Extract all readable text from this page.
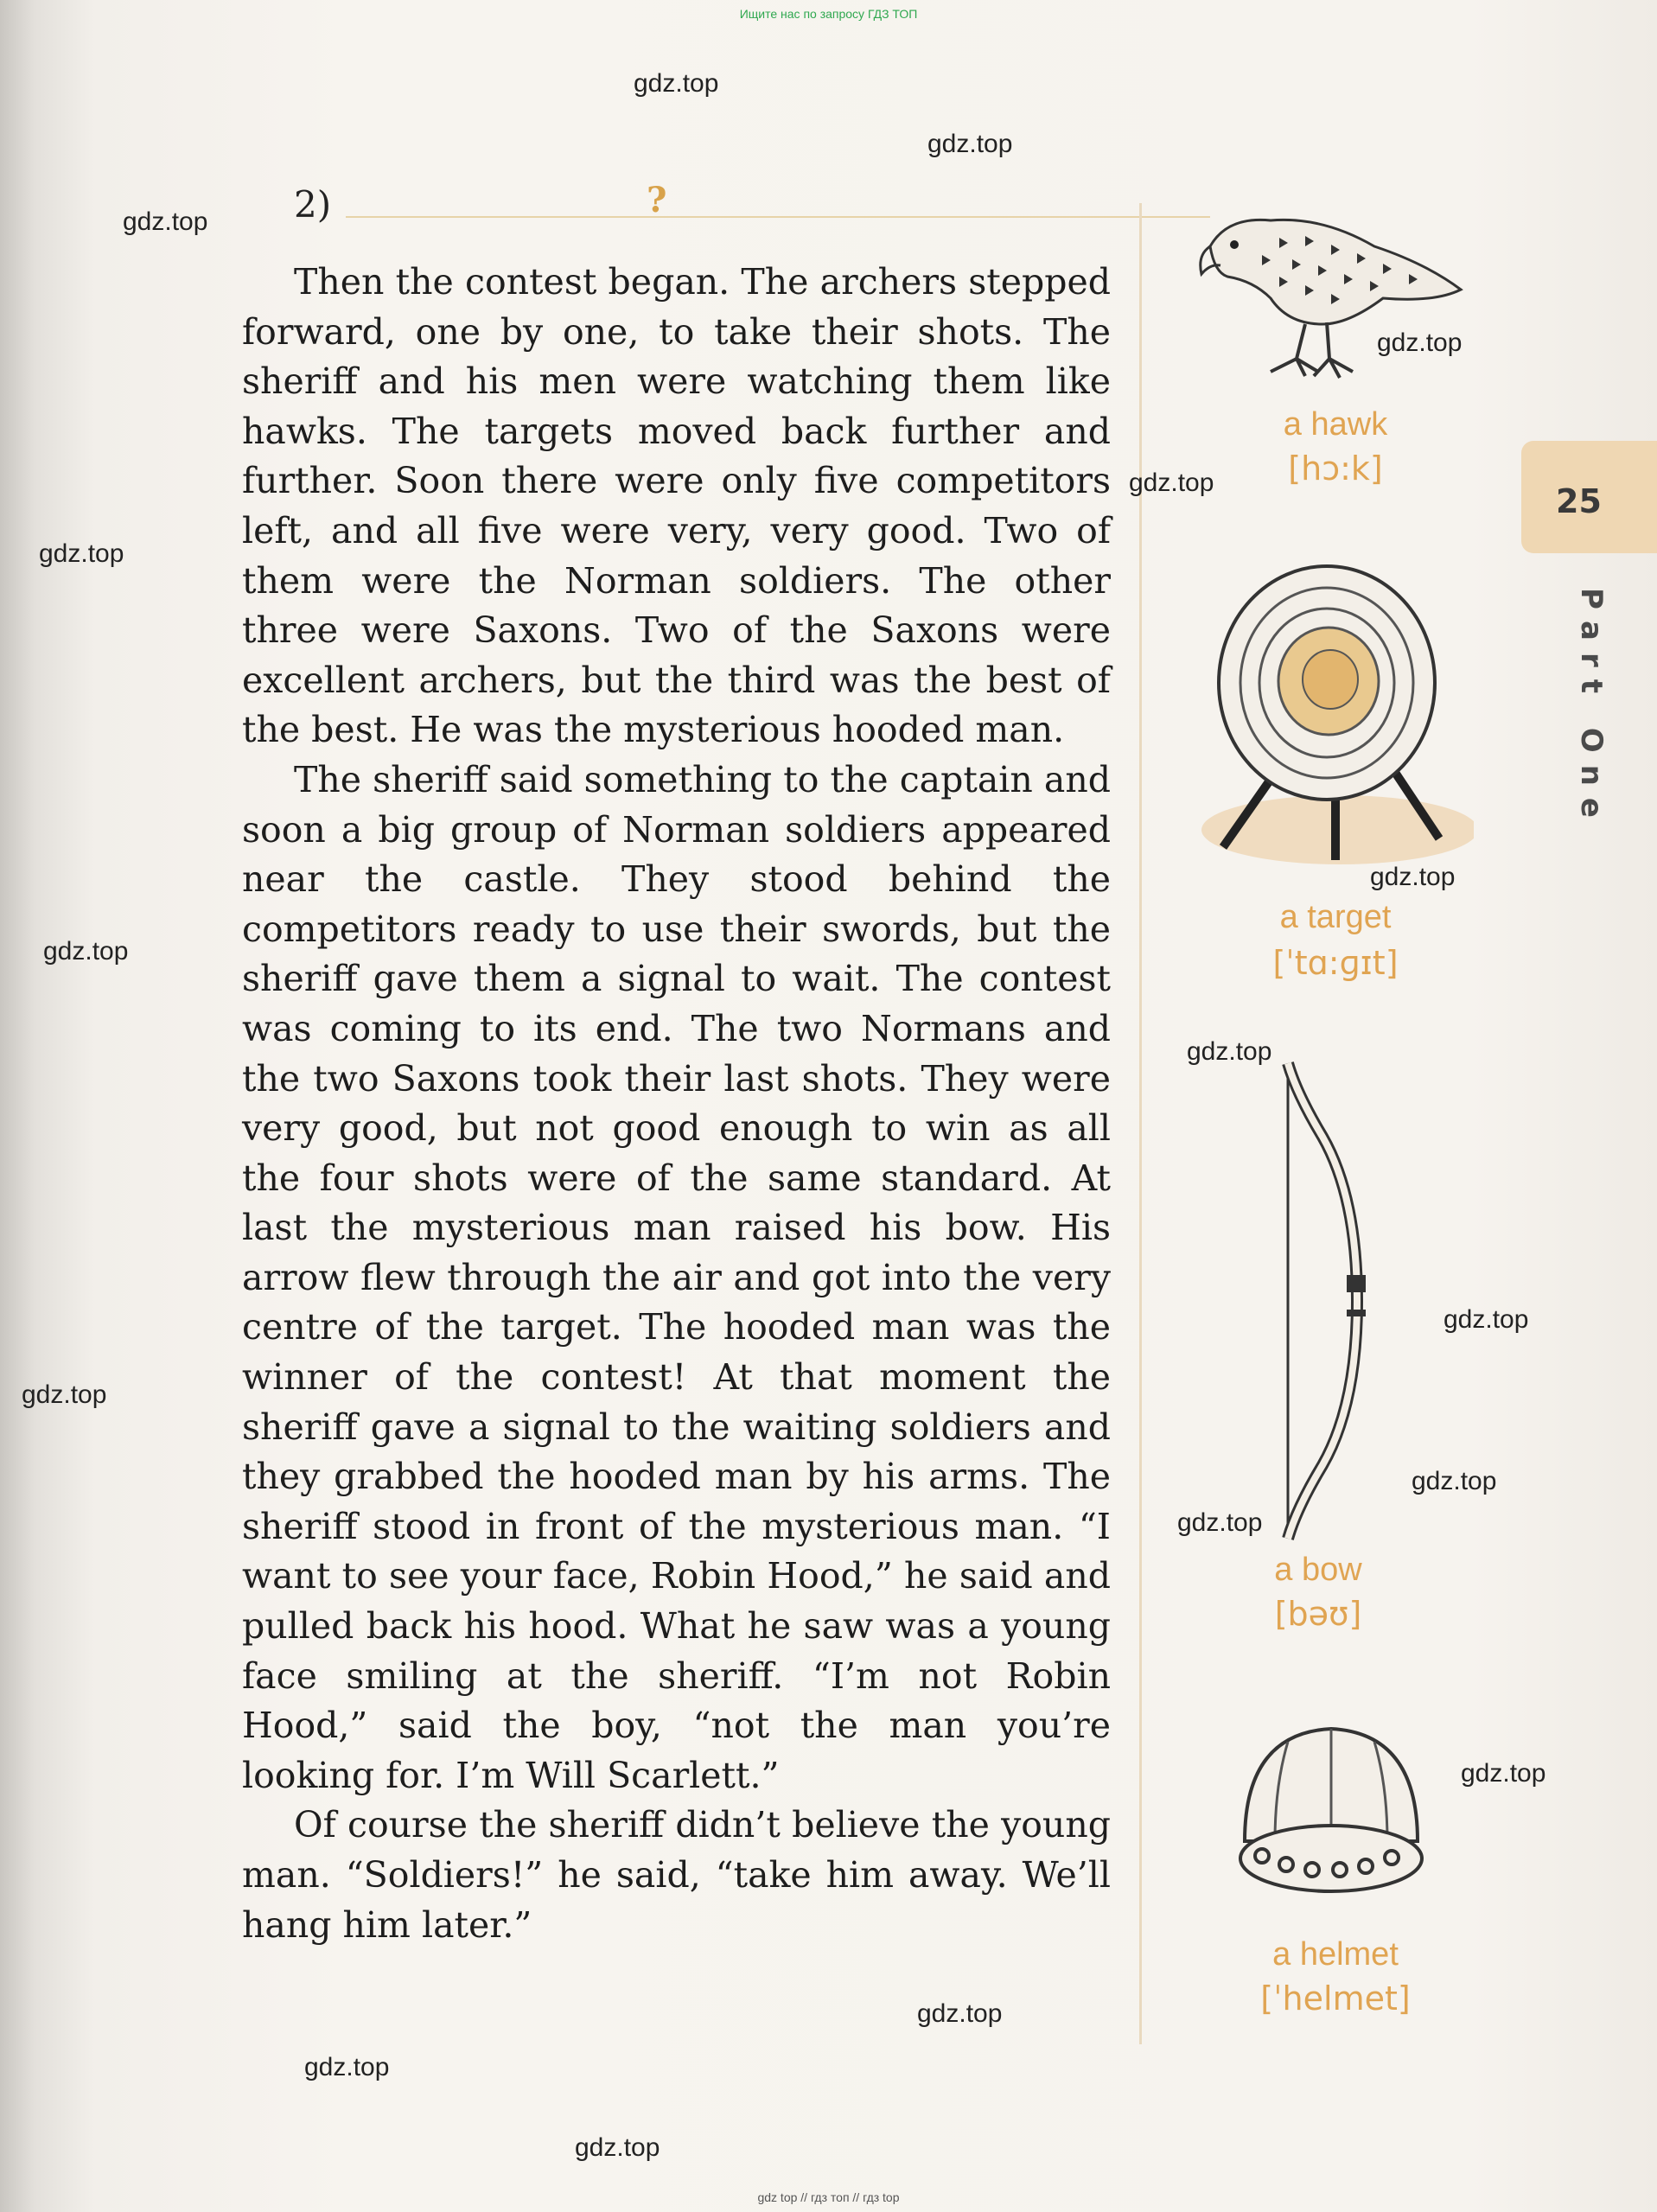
Ищите нас по запросу ГДЗ ТОП
2)	?

Then the contest began. The archers stepped forward, one by one, to take their shots. The sheriff and his men were watching them like hawks. The targets moved back further and further. Soon there were only five competitors left, and all five were very, very good. Two of them were the Norman soldiers. The other three were Saxons. Two of the Saxons were excellent archers, but the third was the best of the best. He was the mysterious hooded man.

The sheriff said something to the captain and soon a big group of Norman soldiers appeared near the castle. They stood behind the competitors ready to use their swords, but the sheriff gave them a signal to wait. The contest was coming to its end. The two Normans and the two Saxons took their last shots. They were very good, but not good enough to win as all the four shots were of the same standard. At last the mysterious man raised his bow. His arrow flew through the air and got into the very centre of the target. The hooded man was the winner of the contest! At that moment the sheriff gave a signal to the waiting soldiers and they grabbed the hooded man by his arms. The sheriff stood in front of the mysterious man. “I want to see your face, Robin Hood,” he said and pulled back his hood. What he saw was a young face smiling at the sheriff. “I’m not Robin Hood,” said the boy, “not the man you’re looking for. I’m Will Scarlett.”

Of course the sheriff didn’t believe the young man. “Soldiers!” he said, “take him away. We’ll hang him later.”

25
Part One
a hawk
[hɔ:k]
a target
[ˈtɑ:ɡɪt]
a bow
[bəʊ]
a helmet
[ˈhelmet]
gdz.top
gdz.top
gdz.top
gdz.top
gdz.top
gdz.top
gdz.top
gdz.top
gdz.top
gdz.top
gdz.top
gdz.top
gdz.top
gdz.top
gdz.top
gdz.top
gdz.top
gdz top // гдз топ // гдз top
